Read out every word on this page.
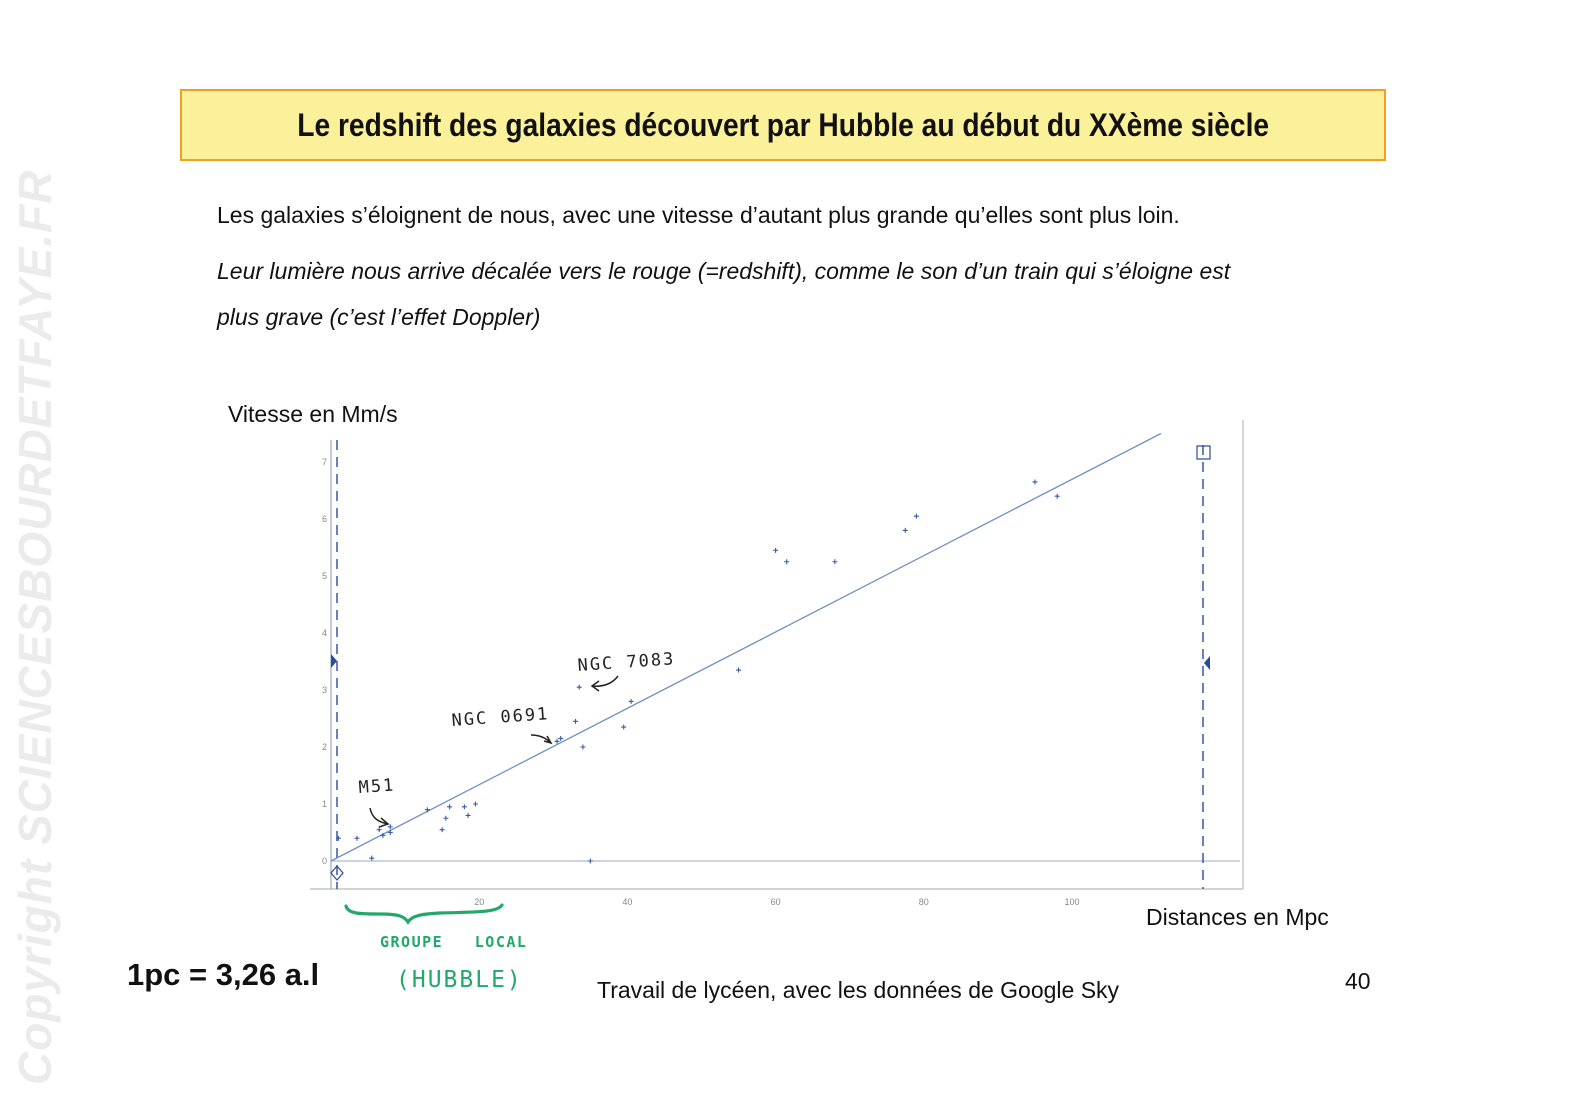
Le redshift des galaxies découvert par Hubble au début du XXème siècle
Les galaxies s’éloignent de nous, avec une vitesse d’autant plus grande qu’elles sont plus loin.
Leur lumière nous arrive décalée vers le rouge (=redshift), comme le son d’un train qui s’éloigne est
plus grave (c’est l’effet Doppler)
Vitesse en Mm/s
Distances en Mpc
0
1
2
3
4
5
6
7
20	40	60	80	100
M51
NGC 0691
NGC 7083
GROUPE   LOCAL
(HUBBLE)
1pc = 3,26 a.l	Travail de lycéen, avec les données de Google Sky	40
Copyright SCIENCESBOURDETFAYE.FR
